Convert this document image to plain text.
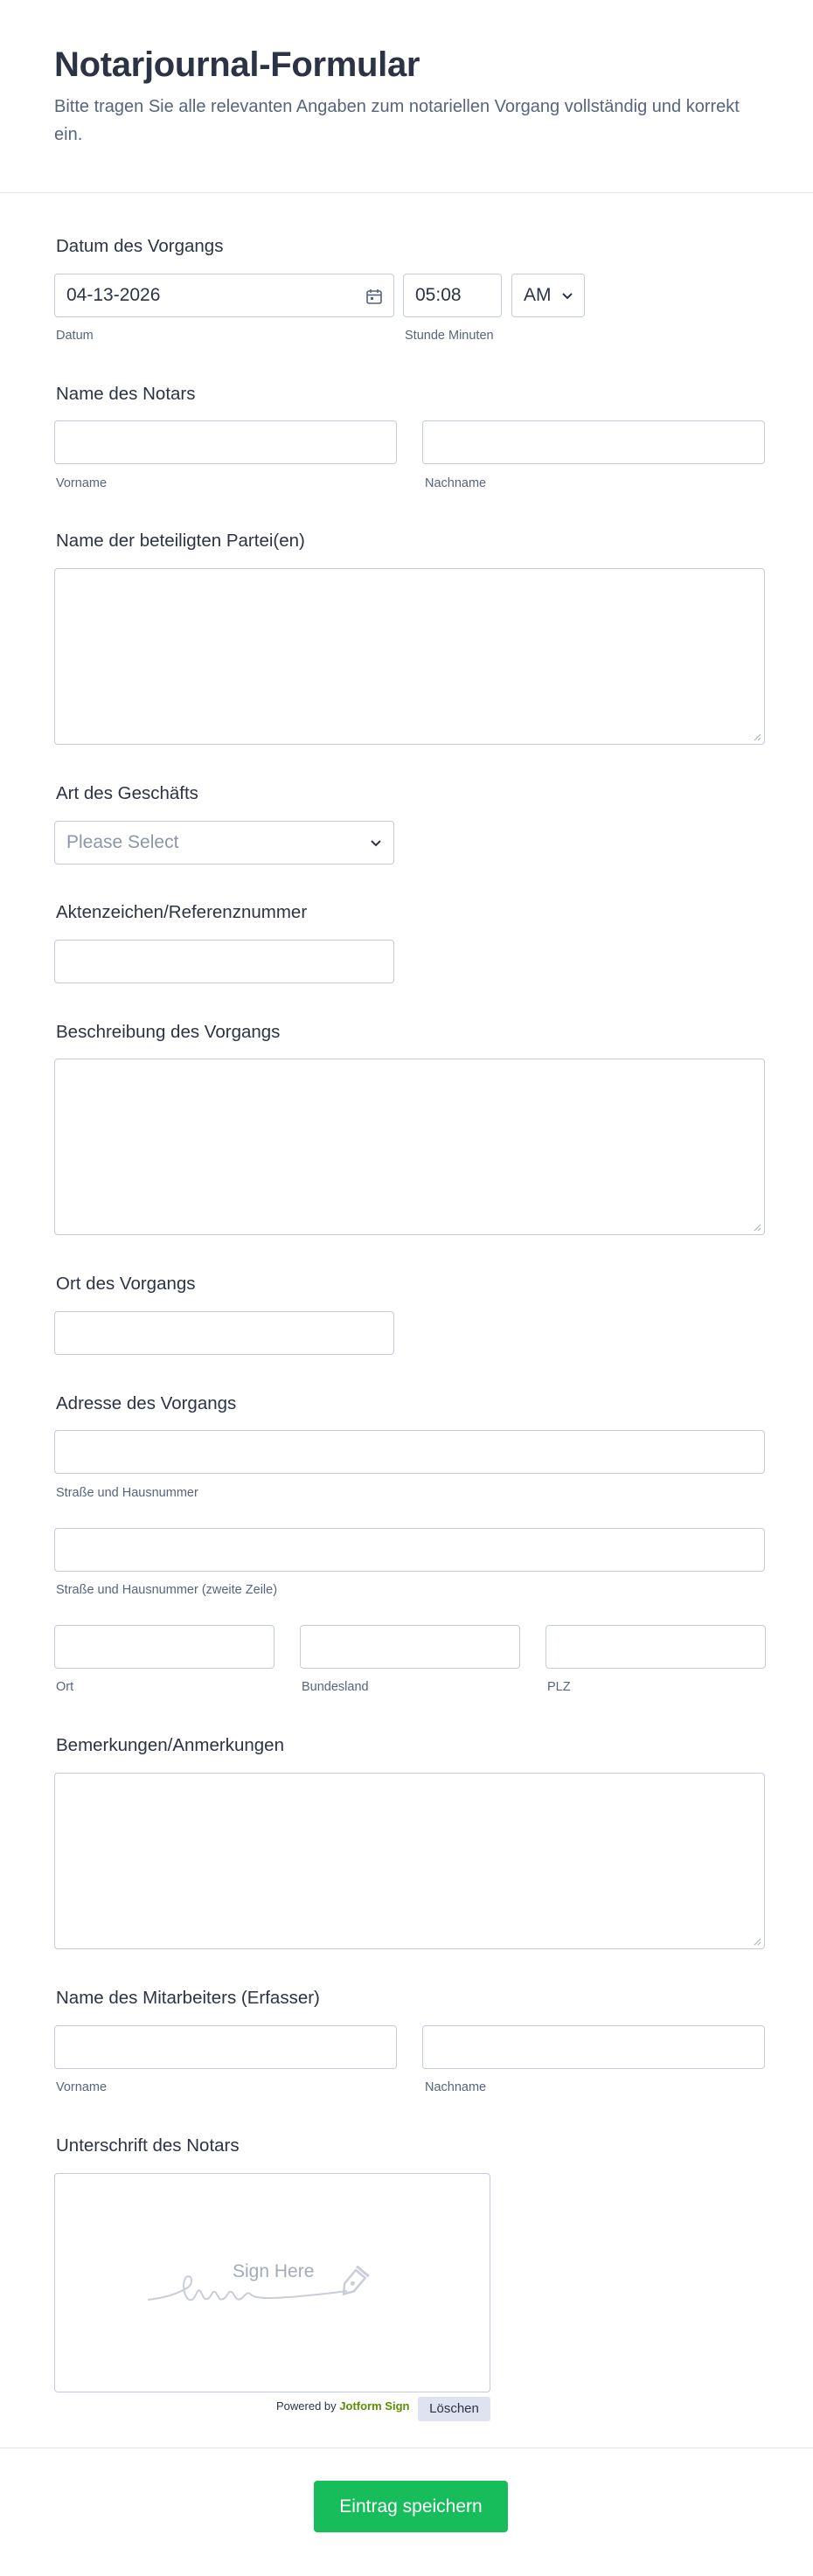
Notarjournal-Formular
Bitte tragen Sie alle relevanten Angaben zum notariellen Vorgang vollständig und korrekt ein.
Datum des Vorgangs
04-13-2026	05:08	AM
Datum	Stunde Minuten
Name des Notars
Vorname	Nachname
Name der beteiligten Partei(en)
Art des Geschäfts
Please Select
Aktenzeichen/Referenznummer
Beschreibung des Vorgangs
Ort des Vorgangs
Adresse des Vorgangs
Straße und Hausnummer
Straße und Hausnummer (zweite Zeile)
Ort	Bundesland	PLZ
Bemerkungen/Anmerkungen
Name des Mitarbeiters (Erfasser)
Vorname	Nachname
Unterschrift des Notars
Sign Here
Powered by Jotform Sign	Löschen
Eintrag speichern
